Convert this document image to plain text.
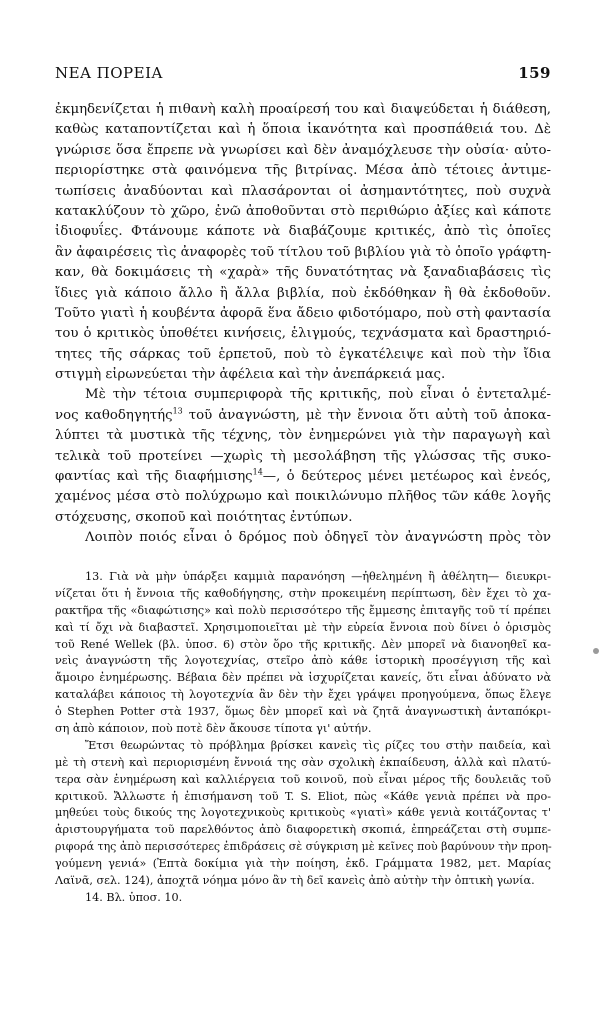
ΝΕΑ ΠΟΡΕΙΑ	159
ἐκμηδενίζεται ἡ πιθανὴ καλὴ προαίρεσή του καὶ διαψεύδεται ἡ διάθεση,
καθὼς καταποντίζεται καὶ ἡ ὅποια ἱκανότητα καὶ προσπάθειά του. Δὲ
γνώρισε ὅσα ἔπρεπε νὰ γνωρίσει καὶ δὲν ἀναμόχλευσε τὴν οὐσία· αὐτο-
περιορίστηκε στὰ φαινόμενα τῆς βιτρίνας. Μέσα ἀπὸ τέτοιες ἀντιμε-
τωπίσεις ἀναδύονται καὶ πλασάρονται οἱ ἀσημαντότητες, ποὺ συχνὰ
κατακλύζουν τὸ χῶρο, ἐνῶ ἀποθοῦνται στὸ περιθώριο ἀξίες καὶ κάποτε
ἰδιοφυΐες. Φτάνουμε κάποτε νὰ διαβάζουμε κριτικές, ἀπὸ τὶς ὁποῖες
ἂν ἀφαιρέσεις τὶς ἀναφορὲς τοῦ τίτλου τοῦ βιβλίου γιὰ τὸ ὁποῖο γράφτη-
καν, θὰ δοκιμάσεις τὴ «χαρὰ» τῆς δυνατότητας νὰ ξαναδιαβάσεις τὶς
ἴδιες γιὰ κάποιο ἄλλο ἢ ἄλλα βιβλία, ποὺ ἐκδόθηκαν ἢ θὰ ἐκδοθοῦν.
Τοῦτο γιατὶ ἡ κουβέντα ἀφορᾶ ἕνα ἄδειο φιδοτόμαρο, ποὺ στὴ φαντασία
του ὁ κριτικὸς ὑποθέτει κινήσεις, ἑλιγμούς, τεχνάσματα καὶ δραστηριό-
τητες τῆς σάρκας τοῦ ἑρπετοῦ, ποὺ τὸ ἐγκατέλειψε καὶ ποὺ τὴν ἴδια
στιγμὴ εἰρωνεύεται τὴν ἀφέλεια καὶ τὴν ἀνεπάρκειά μας.
Μὲ τὴν τέτοια συμπεριφορὰ τῆς κριτικῆς, ποὺ εἶναι ὁ ἐντεταλμέ-
νος καθοδηγητής$^{13}$ τοῦ ἀναγνώστη, μὲ τὴν ἔννοια ὅτι αὐτὴ τοῦ ἀποκα-
λύπτει τὰ μυστικὰ τῆς τέχνης, τὸν ἐνημερώνει γιὰ τὴν παραγωγὴ καὶ
τελικὰ τοῦ προτείνει —χωρὶς τὴ μεσολάβηση τῆς γλώσσας τῆς συκο-
φαντίας καὶ τῆς διαφήμισης$^{14}$—, ὁ δεύτερος μένει μετέωρος καὶ ἐνεός,
χαμένος μέσα στὸ πολύχρωμο καὶ ποικιλώνυμο πλῆθος τῶν κάθε λογῆς
στόχευσης, σκοποῦ καὶ ποιότητας ἐντύπων.
Λοιπὸν ποιός εἶναι ὁ δρόμος ποὺ ὁδηγεῖ τὸν ἀναγνώστη πρὸς τὸν
13. Γιὰ νὰ μὴν ὑπάρξει καμμιὰ παρανόηση —ἠθελημένη ἢ ἀθέλητη— διευκρι-
νίζεται ὅτι ἡ ἔννοια τῆς καθοδήγησης, στὴν προκειμένη περίπτωση, δὲν ἔχει τὸ χα-
ρακτῆρα τῆς «διαφώτισης» καὶ πολὺ περισσότερο τῆς ἔμμεσης ἐπιταγῆς τοῦ τί πρέπει
καὶ τί ὄχι νὰ διαβαστεῖ. Χρησιμοποιεῖται μὲ τὴν εὐρεία ἔννοια ποὺ δίνει ὁ ὁρισμὸς
τοῦ René Wellek (βλ. ὑποσ. 6) στὸν ὅρο τῆς κριτικῆς. Δὲν μπορεῖ νὰ διανοηθεῖ κα-
νεὶς ἀναγνώστη τῆς λογοτεχνίας, στεῖρο ἀπὸ κάθε ἱστορικὴ προσέγγιση τῆς καὶ
ἄμοιρο ἐνημέρωσης. Βέβαια δὲν πρέπει νὰ ἰσχυρίζεται κανείς, ὅτι εἶναι ἀδύνατο νὰ
καταλάβει κάποιος τὴ λογοτεχνία ἂν δὲν τὴν ἔχει γράψει προηγούμενα, ὅπως ἔλεγε
ὁ Stephen Potter στὰ 1937, ὅμως δὲν μπορεῖ καὶ νὰ ζητᾶ ἀναγνωστικὴ ἀνταπόκρι-
ση ἀπὸ κάποιον, ποὺ ποτὲ δὲν ἄκουσε τίποτα γι' αὐτήν.
Ἔτσι θεωρώντας τὸ πρόβλημα βρίσκει κανεὶς τὶς ρίζες του στὴν παιδεία, καὶ
μὲ τὴ στενὴ καὶ περιορισμένη ἔννοιά της σὰν σχολικὴ ἐκπαίδευση, ἀλλὰ καὶ πλατύ-
τερα σὰν ἐνημέρωση καὶ καλλιέργεια τοῦ κοινοῦ, ποὺ εἶναι μέρος τῆς δουλειᾶς τοῦ
κριτικοῦ. Ἄλλωστε ἡ ἐπισήμανση τοῦ T. S. Eliot, πὼς «Κάθε γενιὰ πρέπει νὰ προ-
μηθεύει τοὺς δικούς της λογοτεχνικοὺς κριτικοὺς «γιατὶ» κάθε γενιὰ κοιτάζοντας τ'
ἀριστουργήματα τοῦ παρελθόντος ἀπὸ διαφορετικὴ σκοπιά, ἐπηρεάζεται στὴ συμπε-
ριφορά της ἀπὸ περισσότερες ἐπιδράσεις σὲ σύγκριση μὲ κεῖνες ποὺ βαρύνουν τὴν προη-
γούμενη γενιά» (Ἐπτὰ δοκίμια γιὰ τὴν ποίηση, ἐκδ. Γράμματα 1982, μετ. Μαρίας
Λαϊνᾶ, σελ. 124), ἀποχτᾶ νόημα μόνο ἂν τὴ δεῖ κανεὶς ἀπὸ αὐτὴν τὴν ὀπτικὴ γωνία.
14. Βλ. ὑποσ. 10.
